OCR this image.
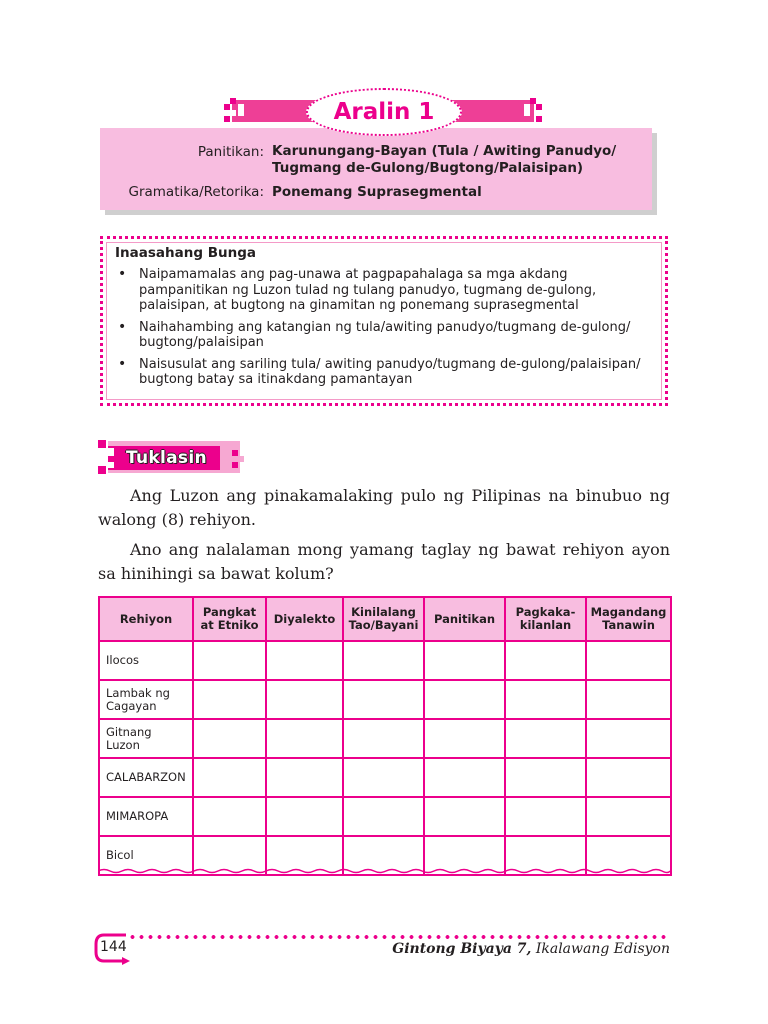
Panitikan: Karunungang-Bayan (Tula / Awiting Panudyo/
Tugmang de-Gulong/Bugtong/Palaisipan)
Gramatika/Retorika: Ponemang Suprasegmental
Aralin 1
Inaasahang Bunga
• Naipamamalas ang pag-unawa at pagpapahalaga sa mga akdang pampanitikan ng Luzon tulad ng tulang panudyo, tugmang de-gulong, palaisipan, at bugtong na ginamitan ng ponemang suprasegmental
• Naihahambing ang katangian ng tula/awiting panudyo/tugmang de-gulong/ bugtong/palaisipan
• Naisusulat ang sariling tula/ awiting panudyo/tugmang de-gulong/palaisipan/ bugtong batay sa itinakdang pamantayan
Tuklasin
Ang Luzon ang pinakamalaking pulo ng Pilipinas na binubuo ng walong (8) rehiyon.
Ano ang nalalaman mong yamang taglay ng bawat rehiyon ayon sa hinihingi sa bawat kolum?
Rehiyon	Pangkat at Etniko	Diyalekto	Kinilalang Tao/Bayani	Panitikan	Pagkaka-kilanlan	Magandang Tanawin
Ilocos						
Lambak ng Cagayan						
Gitnang Luzon						
CALABARZON						
MIMAROPA						
Bicol						
144	Gintong Biyaya 7, Ikalawang Edisyon
